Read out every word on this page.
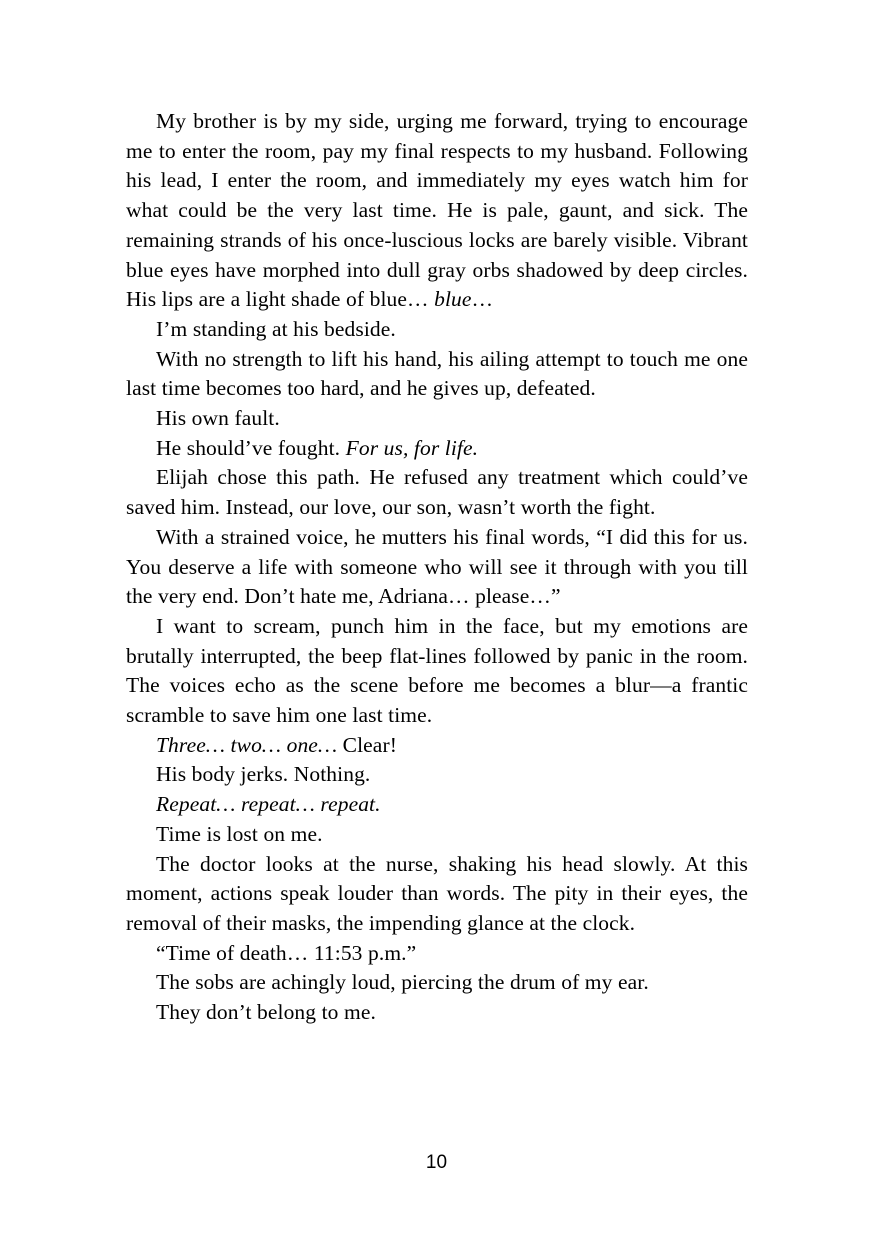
My brother is by my side, urging me forward, trying to encourage me to enter the room, pay my final respects to my husband. Following his lead, I enter the room, and immediately my eyes watch him for what could be the very last time. He is pale, gaunt, and sick. The remaining strands of his once-luscious locks are barely visible. Vibrant blue eyes have morphed into dull gray orbs shadowed by deep circles. His lips are a light shade of blue… blue…

I’m standing at his bedside.

With no strength to lift his hand, his ailing attempt to touch me one last time becomes too hard, and he gives up, defeated.

His own fault.

He should’ve fought. For us, for life.

Elijah chose this path. He refused any treatment which could’ve saved him. Instead, our love, our son, wasn’t worth the fight.

With a strained voice, he mutters his final words, “I did this for us. You deserve a life with someone who will see it through with you till the very end. Don’t hate me, Adriana… please…”

I want to scream, punch him in the face, but my emotions are brutally interrupted, the beep flat-lines followed by panic in the room. The voices echo as the scene before me becomes a blur—a frantic scramble to save him one last time.

Three… two… one… Clear!

His body jerks. Nothing.

Repeat… repeat… repeat.

Time is lost on me.

The doctor looks at the nurse, shaking his head slowly. At this moment, actions speak louder than words. The pity in their eyes, the removal of their masks, the impending glance at the clock.

“Time of death… 11:53 p.m.”

The sobs are achingly loud, piercing the drum of my ear.

They don’t belong to me.

10
